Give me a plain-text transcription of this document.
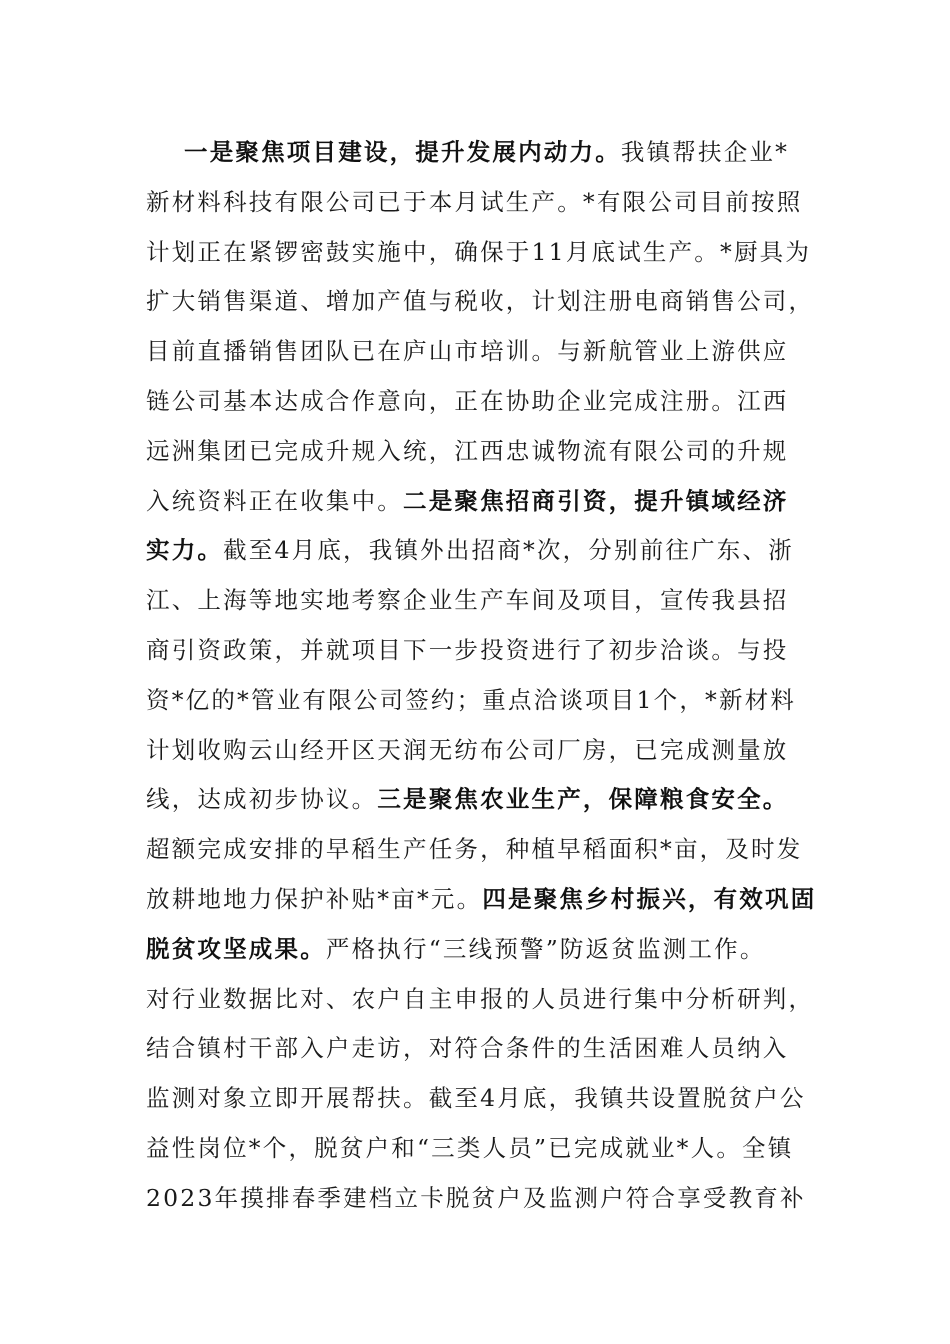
一是聚焦项目建设，提升发展内动力。我镇帮扶企业*
新材料科技有限公司已于本月试生产。*有限公司目前按照
计划正在紧锣密鼓实施中，确保于11月底试生产。*厨具为
扩大销售渠道、增加产值与税收，计划注册电商销售公司，
目前直播销售团队已在庐山市培训。与新航管业上游供应
链公司基本达成合作意向，正在协助企业完成注册。江西
远洲集团已完成升规入统，江西忠诚物流有限公司的升规
入统资料正在收集中。二是聚焦招商引资，提升镇域经济
实力。截至4月底，我镇外出招商*次，分别前往广东、浙
江、上海等地实地考察企业生产车间及项目，宣传我县招
商引资政策，并就项目下一步投资进行了初步洽谈。与投
资*亿的*管业有限公司签约；重点洽谈项目1个，*新材料
计划收购云山经开区天润无纺布公司厂房，已完成测量放
线，达成初步协议。三是聚焦农业生产，保障粮食安全。
超额完成安排的早稻生产任务，种植早稻面积*亩，及时发
放耕地地力保护补贴*亩*元。四是聚焦乡村振兴，有效巩固
脱贫攻坚成果。严格执行“三线预警”防返贫监测工作。
对行业数据比对、农户自主申报的人员进行集中分析研判，
结合镇村干部入户走访，对符合条件的生活困难人员纳入
监测对象立即开展帮扶。截至4月底，我镇共设置脱贫户公
益性岗位*个，脱贫户和“三类人员”已完成就业*人。全镇
2023年摸排春季建档立卡脱贫户及监测户符合享受教育补
